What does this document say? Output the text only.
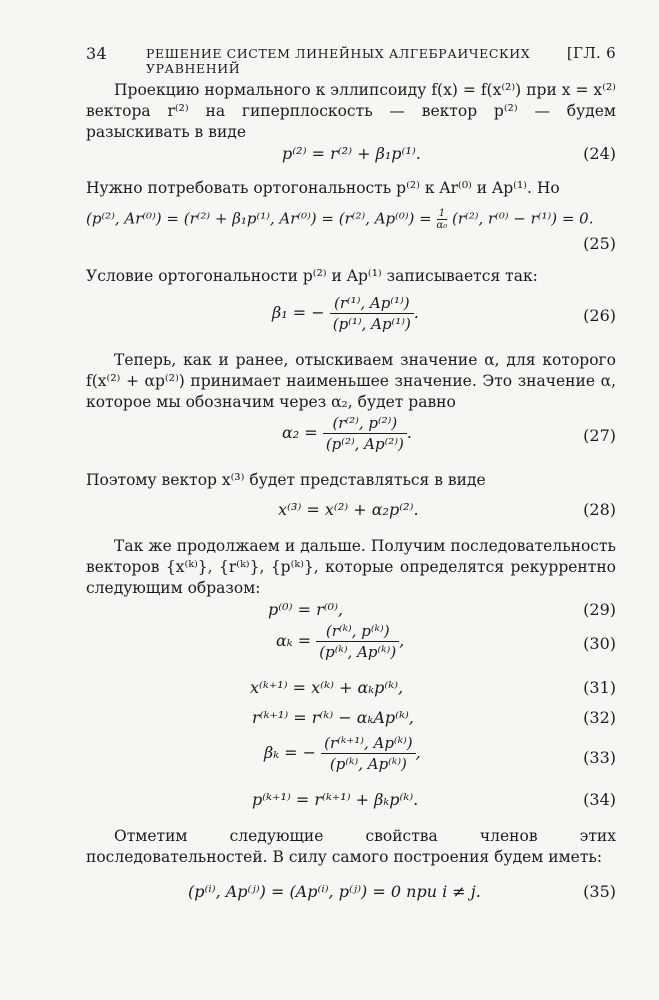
34	РЕШЕНИЕ СИСТЕМ ЛИНЕЙНЫХ АЛГЕБРАИЧЕСКИХ УРАВНЕНИЙ
[ГЛ. 6
Проекцию нормального к эллипсоиду f(x) = f(x⁽²⁾) при x = x⁽²⁾ вектора r⁽²⁾ на гиперплоскость — вектор p⁽²⁾ — будем разыскивать в виде
p⁽²⁾ = r⁽²⁾ + β₁p⁽¹⁾.	(24)
Нужно потребовать ортогональность p⁽²⁾ к Ar⁽⁰⁾ и Ap⁽¹⁾. Но
(p⁽²⁾, Ar⁽⁰⁾) = (r⁽²⁾ + β₁p⁽¹⁾, Ar⁽⁰⁾) = (r⁽²⁾, $Ap^{(0)}) = \frac{1}{\text{α₀}} (r^{(2)}$, r⁽⁰⁾ − r⁽¹⁾) = 0.
(25)
Условие ортогональности p⁽²⁾ и Ap⁽¹⁾ записывается так:
β₁ = − $\frac{\text{(r⁽¹⁾, Ap⁽¹⁾)}}{\text{(p⁽¹⁾, Ap⁽¹⁾)}}$ .	(26)
Теперь, как и ранее, отыскиваем значение α, для которого f(x⁽²⁾ + αp⁽²⁾) принимает наименьшее значение. Это значение α, которое мы обозначим через α₂, будет равно
$\alpha_2 = \frac{\text{(r⁽²⁾, p⁽²⁾)}}{\text{(p⁽²⁾, Ap⁽²⁾)}}$ .	(27)
Поэтому вектор x⁽³⁾ будет представляться в виде
x⁽³⁾ = x⁽²⁾ + α₂p⁽²⁾.	(28)
Так же продолжаем и дальше. Получим последовательность векторов {x⁽ᵏ⁾}, {r⁽ᵏ⁾}, {p⁽ᵏ⁾}, которые определятся рекуррентно следующим образом:
p⁽⁰⁾ = r⁽⁰⁾,	(29)
$\alpha_k = \frac{\text{(r⁽ᵏ⁾, p⁽ᵏ⁾)}}{\text{(p⁽ᵏ⁾, Ap⁽ᵏ⁾)}}$ ,	(30)
x⁽ᵏ⁺¹⁾ = x⁽ᵏ⁾ + αₖp⁽ᵏ⁾,	(31)
r⁽ᵏ⁺¹⁾ = r⁽ᵏ⁾ − αₖAp⁽ᵏ⁾,	(32)
βₖ = − $\frac{\text{(r⁽ᵏ⁺¹⁾, Ap⁽ᵏ⁾)}}{\text{(p⁽ᵏ⁾, Ap⁽ᵏ⁾)}}$ ,	(33)
p⁽ᵏ⁺¹⁾ = r⁽ᵏ⁺¹⁾ + βₖp⁽ᵏ⁾.	(34)
Отметим следующие свойства членов этих последовательностей. В силу самого построения будем иметь:
(p⁽ⁱ⁾, Ap⁽ʲ⁾) = (Ap⁽ⁱ⁾, p⁽ʲ⁾) = 0 при i ≠ j.	(35)
